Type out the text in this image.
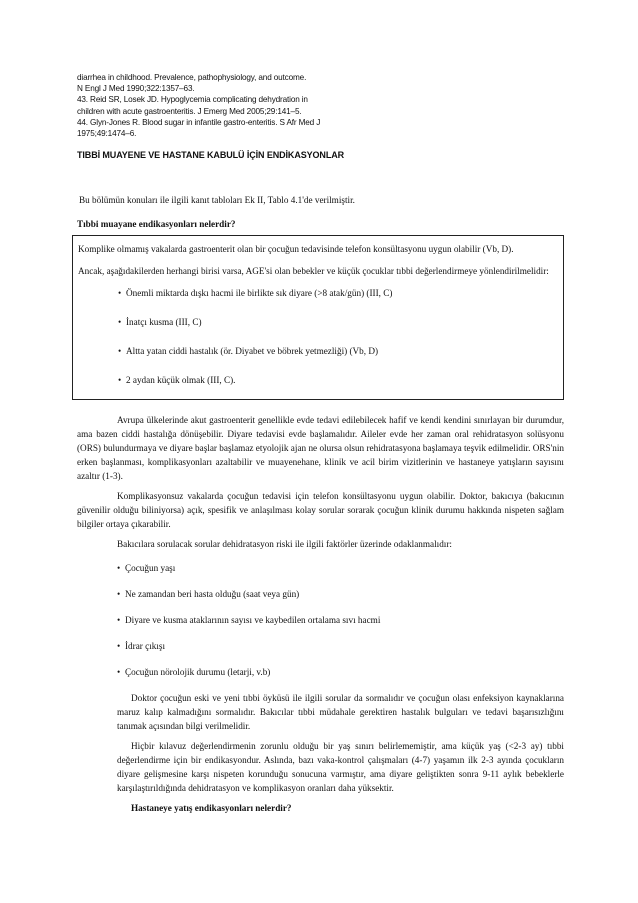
diarrhea in childhood. Prevalence, pathophysiology, and outcome.
N Engl J Med 1990;322:1357–63.
43. Reid SR, Losek JD. Hypoglycemia complicating dehydration in
children with acute gastroenteritis. J Emerg Med 2005;29:141–5.
44. Glyn-Jones R. Blood sugar in infantile gastro-enteritis. S Afr Med J
1975;49:1474–6.
TIBBİ MUAYENE VE HASTANE KABULÜ İÇİN ENDİKASYONLAR
Bu bölümün konuları ile ilgili kanıt tabloları Ek II, Tablo 4.1'de verilmiştir.
Tıbbi muayane endikasyonları nelerdir?

Komplike olmamış vakalarda gastroenterit olan bir çocuğun tedavisinde telefon konsültasyonu uygun olabilir (Vb, D).

Ancak, aşağıdakilerden herhangi birisi varsa, AGE'si olan bebekler ve küçük çocuklar tıbbi değerlendirmeye yönlendirilmelidir:

• Önemli miktarda dışkı hacmi ile birlikte sık diyare (>8 atak/gün) (III, C)
• İnatçı kusma (III, C)
• Altta yatan ciddi hastalık (ör. Diyabet ve böbrek yetmezliği) (Vb, D)
• 2 aydan küçük olmak (III, C).

Avrupa ülkelerinde akut gastroenterit genellikle evde tedavi edilebilecek hafif ve kendi kendini sınırlayan bir durumdur, ama bazen ciddi hastalığa dönüşebilir. Diyare tedavisi evde başlamalıdır. Aileler evde her zaman oral rehidratasyon solüsyonu (ORS) bulundurmaya ve diyare başlar başlamaz etyolojik ajan ne olursa olsun rehidratasyona başlamaya teşvik edilmelidir. ORS'nin erken başlanması, komplikasyonları azaltabilir ve muayenehane, klinik ve acil birim vizitlerinin ve hastaneye yatışların sayısını azaltır (1-3).

Komplikasyonsuz vakalarda çocuğun tedavisi için telefon konsültasyonu uygun olabilir. Doktor, bakıcıya (bakıcının güvenilir olduğu biliniyorsa) açık, spesifik ve anlaşılması kolay sorular sorarak çocuğun klinik durumu hakkında nispeten sağlam bilgiler ortaya çıkarabilir.

Bakıcılara sorulacak sorular dehidratasyon riski ile ilgili faktörler üzerinde odaklanmalıdır:

• Çocuğun yaşı
• Ne zamandan beri hasta olduğu (saat veya gün)
• Diyare ve kusma ataklarının sayısı ve kaybedilen ortalama sıvı hacmi
• İdrar çıkışı
• Çocuğun nörolojik durumu (letarji, v.b)

Doktor çocuğun eski ve yeni tıbbi öyküsü ile ilgili sorular da sormalıdır ve çocuğun olası enfeksiyon kaynaklarına maruz kalıp kalmadığını sormalıdır. Bakıcılar tıbbi müdahale gerektiren hastalık bulguları ve tedavi başarısızlığını tanımak açısından bilgi verilmelidir.

Hiçbir kılavuz değerlendirmenin zorunlu olduğu bir yaş sınırı belirlememiştir, ama küçük yaş (<2-3 ay) tıbbi değerlendirme için bir endikasyondur. Aslında, bazı vaka-kontrol çalışmaları (4-7) yaşamın ilk 2-3 ayında çocukların diyare gelişmesine karşı nispeten korunduğu sonucuna varmıştır, ama diyare geliştikten sonra 9-11 aylık bebeklerle karşılaştırıldığında dehidratasyon ve komplikasyon oranları daha yüksektir.

Hastaneye yatış endikasyonları nelerdir?
